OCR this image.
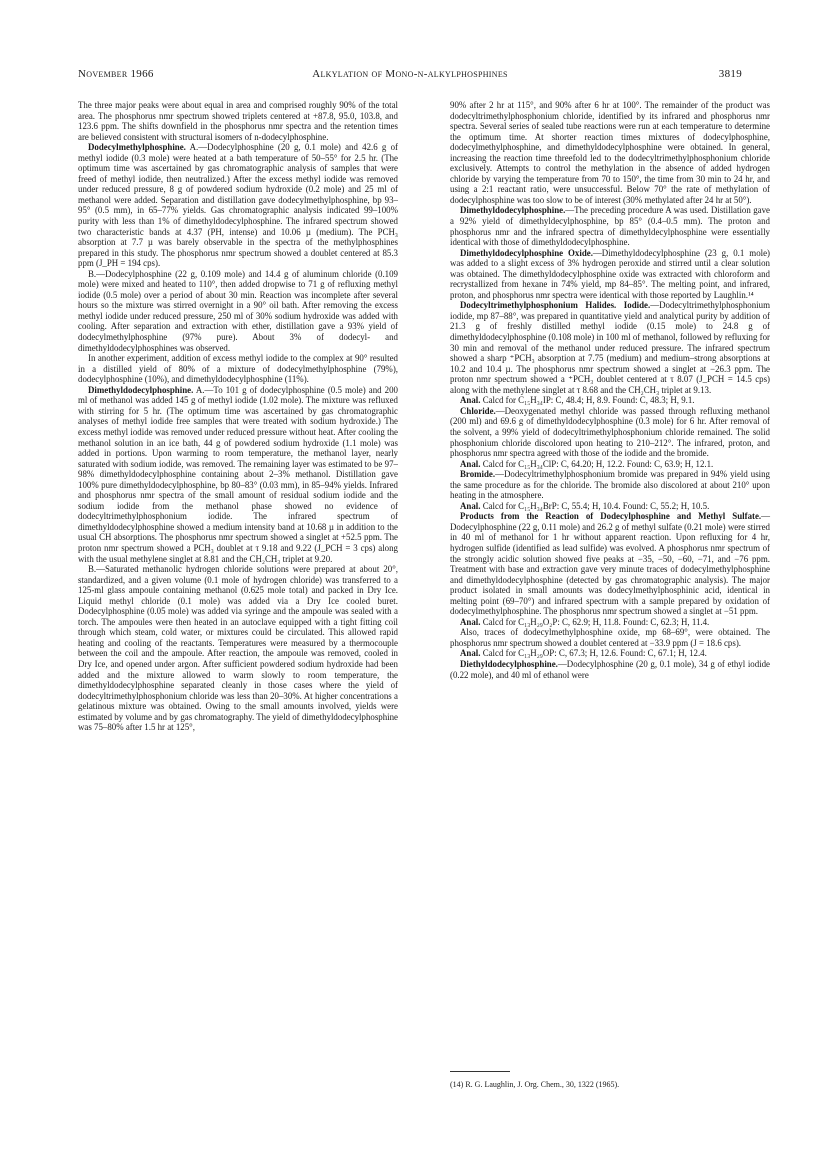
November 1966	Alkylation of Mono-n-alkylphosphines	3819

The three major peaks were about equal in area and comprised roughly 90% of the total area. The phosphorus nmr spectrum showed triplets centered at +87.8, 95.0, 103.8, and 123.6 ppm. The shifts downfield in the phosphorus nmr spectra and the retention times are believed consistent with structural isomers of n-dodecylphosphine.

Dodecylmethylphosphine. A.—Dodecylphosphine (20 g, 0.1 mole) and 42.6 g of methyl iodide (0.3 mole) were heated at a bath temperature of 50–55° for 2.5 hr. (The optimum time was ascertained by gas chromatographic analysis of samples that were freed of methyl iodide, then neutralized.) After the excess methyl iodide was removed under reduced pressure, 8 g of powdered sodium hydroxide (0.2 mole) and 25 ml of methanol were added. Separation and distillation gave dodecylmethylphosphine, bp 93–95° (0.5 mm), in 65–77% yields. Gas chromatographic analysis indicated 99–100% purity with less than 1% of dimethyldodecylphosphine. The infrared spectrum showed two characteristic bands at 4.37 (PH, intense) and 10.06 µ (medium). The PCH₃ absorption at 7.7 µ was barely observable in the spectra of the methylphosphines prepared in this study. The phosphorus nmr spectrum showed a doublet centered at 85.3 ppm (J_PH = 194 cps).

B.—Dodecylphosphine (22 g, 0.109 mole) and 14.4 g of aluminum chloride (0.109 mole) were mixed and heated to 110°, then added dropwise to 71 g of refluxing methyl iodide (0.5 mole) over a period of about 30 min. Reaction was incomplete after several hours so the mixture was stirred overnight in a 90° oil bath. After removing the excess methyl iodide under reduced pressure, 250 ml of 30% sodium hydroxide was added with cooling. After separation and extraction with ether, distillation gave a 93% yield of dodecylmethylphosphine (97% pure). About 3% of dodecyl- and dimethyldodecylphosphines was observed.

In another experiment, addition of excess methyl iodide to the complex at 90° resulted in a distilled yield of 80% of a mixture of dodecylmethylphosphine (79%), dodecylphosphine (10%), and dimethyldodecylphosphine (11%).

Dimethyldodecylphosphine. A.—To 101 g of dodecylphosphine (0.5 mole) and 200 ml of methanol was added 145 g of methyl iodide (1.02 mole). The mixture was refluxed with stirring for 5 hr. (The optimum time was ascertained by gas chromatographic analyses of methyl iodide free samples that were treated with sodium hydroxide.) The excess methyl iodide was removed under reduced pressure without heat. After cooling the methanol solution in an ice bath, 44 g of powdered sodium hydroxide (1.1 mole) was added in portions. Upon warming to room temperature, the methanol layer, nearly saturated with sodium iodide, was removed. The remaining layer was estimated to be 97–98% dimethyldodecylphosphine containing about 2–3% methanol. Distillation gave 100% pure dimethyldodecylphosphine, bp 80–83° (0.03 mm), in 85–94% yields. Infrared and phosphorus nmr spectra of the small amount of residual sodium iodide and the sodium iodide from the methanol phase showed no evidence of dodecyltrimethylphosphonium iodide. The infrared spectrum of dimethyldodecylphosphine showed a medium intensity band at 10.68 µ in addition to the usual CH absorptions. The phosphorus nmr spectrum showed a singlet at +52.5 ppm. The proton nmr spectrum showed a PCH₃ doublet at τ 9.18 and 9.22 (J_PCH = 3 cps) along with the usual methylene singlet at 8.81 and the CH₂CH₃ triplet at 9.20.

B.—Saturated methanolic hydrogen chloride solutions were prepared at about 20°, standardized, and a given volume (0.1 mole of hydrogen chloride) was transferred to a 125-ml glass ampoule containing methanol (0.625 mole total) and packed in Dry Ice. Liquid methyl chloride (0.1 mole) was added via a Dry Ice cooled buret. Dodecylphosphine (0.05 mole) was added via syringe and the ampoule was sealed with a torch. The ampoules were then heated in an autoclave equipped with a tight fitting coil through which steam, cold water, or mixtures could be circulated. This allowed rapid heating and cooling of the reactants. Temperatures were measured by a thermocouple between the coil and the ampoule. After reaction, the ampoule was removed, cooled in Dry Ice, and opened under argon. After sufficient powdered sodium hydroxide had been added and the mixture allowed to warm slowly to room temperature, the dimethyldodecylphosphine separated cleanly in those cases where the yield of dodecyltrimethylphosphonium chloride was less than 20–30%. At higher concentrations a gelatinous mixture was obtained. Owing to the small amounts involved, yields were estimated by volume and by gas chromatography. The yield of dimethyldodecylphosphine was 75–80% after 1.5 hr at 125°,

90% after 2 hr at 115°, and 90% after 6 hr at 100°. The remainder of the product was dodecyltrimethylphosphonium chloride, identified by its infrared and phosphorus nmr spectra. Several series of sealed tube reactions were run at each temperature to determine the optimum time. At shorter reaction times mixtures of dodecylphosphine, dodecylmethylphosphine, and dimethyldodecylphosphine were obtained. In general, increasing the reaction time threefold led to the dodecyltrimethylphosphonium chloride exclusively. Attempts to control the methylation in the absence of added hydrogen chloride by varying the temperature from 70 to 150°, the time from 30 min to 24 hr, and using a 2:1 reactant ratio, were unsuccessful. Below 70° the rate of methylation of dodecylphosphine was too slow to be of interest (30% methylated after 24 hr at 50°).

Dimethyldodecylphosphine.—The preceding procedure A was used. Distillation gave a 92% yield of dimethyldecylphosphine, bp 85° (0.4–0.5 mm). The proton and phosphorus nmr and the infrared spectra of dimethyldecylphosphine were essentially identical with those of dimethyldodecylphosphine.

Dimethyldodecylphosphine Oxide.—Dimethyldodecylphosphine (23 g, 0.1 mole) was added to a slight excess of 3% hydrogen peroxide and stirred until a clear solution was obtained. The dimethyldodecylphosphine oxide was extracted with chloroform and recrystallized from hexane in 74% yield, mp 84–85°. The melting point, and infrared, proton, and phosphorus nmr spectra were identical with those reported by Laughlin.¹⁴

Dodecyltrimethylphosphonium Halides. Iodide.—Dodecyltrimethylphosphonium iodide, mp 87–88°, was prepared in quantitative yield and analytical purity by addition of 21.3 g of freshly distilled methyl iodide (0.15 mole) to 24.8 g of dimethyldodecylphosphine (0.108 mole) in 100 ml of methanol, followed by refluxing for 30 min and removal of the methanol under reduced pressure. The infrared spectrum showed a sharp ⁺PCH₃ absorption at 7.75 (medium) and medium–strong absorptions at 10.2 and 10.4 µ. The phosphorus nmr spectrum showed a singlet at −26.3 ppm. The proton nmr spectrum showed a ⁺PCH₃ doublet centered at τ 8.07 (J_PCH = 14.5 cps) along with the methylene singlet at τ 8.68 and the CH₂CH₃ triplet at 9.13.

Anal. Calcd for C₁₅H₃₄IP: C, 48.4; H, 8.9. Found: C, 48.3; H, 9.1.

Chloride.—Deoxygenated methyl chloride was passed through refluxing methanol (200 ml) and 69.6 g of dimethyldodecylphosphine (0.3 mole) for 6 hr. After removal of the solvent, a 99% yield of dodecyltrimethylphosphonium chloride remained. The solid phosphonium chloride discolored upon heating to 210–212°. The infrared, proton, and phosphorus nmr spectra agreed with those of the iodide and the bromide.

Anal. Calcd for C₁₅H₃₄ClP: C, 64.20; H, 12.2. Found: C, 63.9; H, 12.1.

Bromide.—Dodecyltrimethylphosphonium bromide was prepared in 94% yield using the same procedure as for the chloride. The bromide also discolored at about 210° upon heating in the atmosphere.

Anal. Calcd for C₁₅H₃₄BrP: C, 55.4; H, 10.4. Found: C, 55.2; H, 10.5.

Products from the Reaction of Dodecylphosphine and Methyl Sulfate.—Dodecylphosphine (22 g, 0.11 mole) and 26.2 g of methyl sulfate (0.21 mole) were stirred in 40 ml of methanol for 1 hr without apparent reaction. Upon refluxing for 4 hr, hydrogen sulfide (identified as lead sulfide) was evolved. A phosphorus nmr spectrum of the strongly acidic solution showed five peaks at −35, −50, −60, −71, and −76 ppm. Treatment with base and extraction gave very minute traces of dodecylmethylphosphine and dimethyldodecylphosphine (detected by gas chromatographic analysis). The major product isolated in small amounts was dodecylmethylphosphinic acid, identical in melting point (69–70°) and infrared spectrum with a sample prepared by oxidation of dodecylmethylphosphine. The phosphorus nmr spectrum showed a singlet at −51 ppm.

Anal. Calcd for C₁₃H₂₉O₂P: C, 62.9; H, 11.8. Found: C, 62.3; H, 11.4.

Also, traces of dodecylmethylphosphine oxide, mp 68–69°, were obtained. The phosphorus nmr spectrum showed a doublet centered at −33.9 ppm (J = 18.6 cps).

Anal. Calcd for C₁₃H₂₉OP: C, 67.3; H, 12.6. Found: C, 67.1; H, 12.4.

Diethyldodecylphosphine.—Dodecylphosphine (20 g, 0.1 mole), 34 g of ethyl iodide (0.22 mole), and 40 ml of ethanol were

(14) R. G. Laughlin, J. Org. Chem., 30, 1322 (1965).
